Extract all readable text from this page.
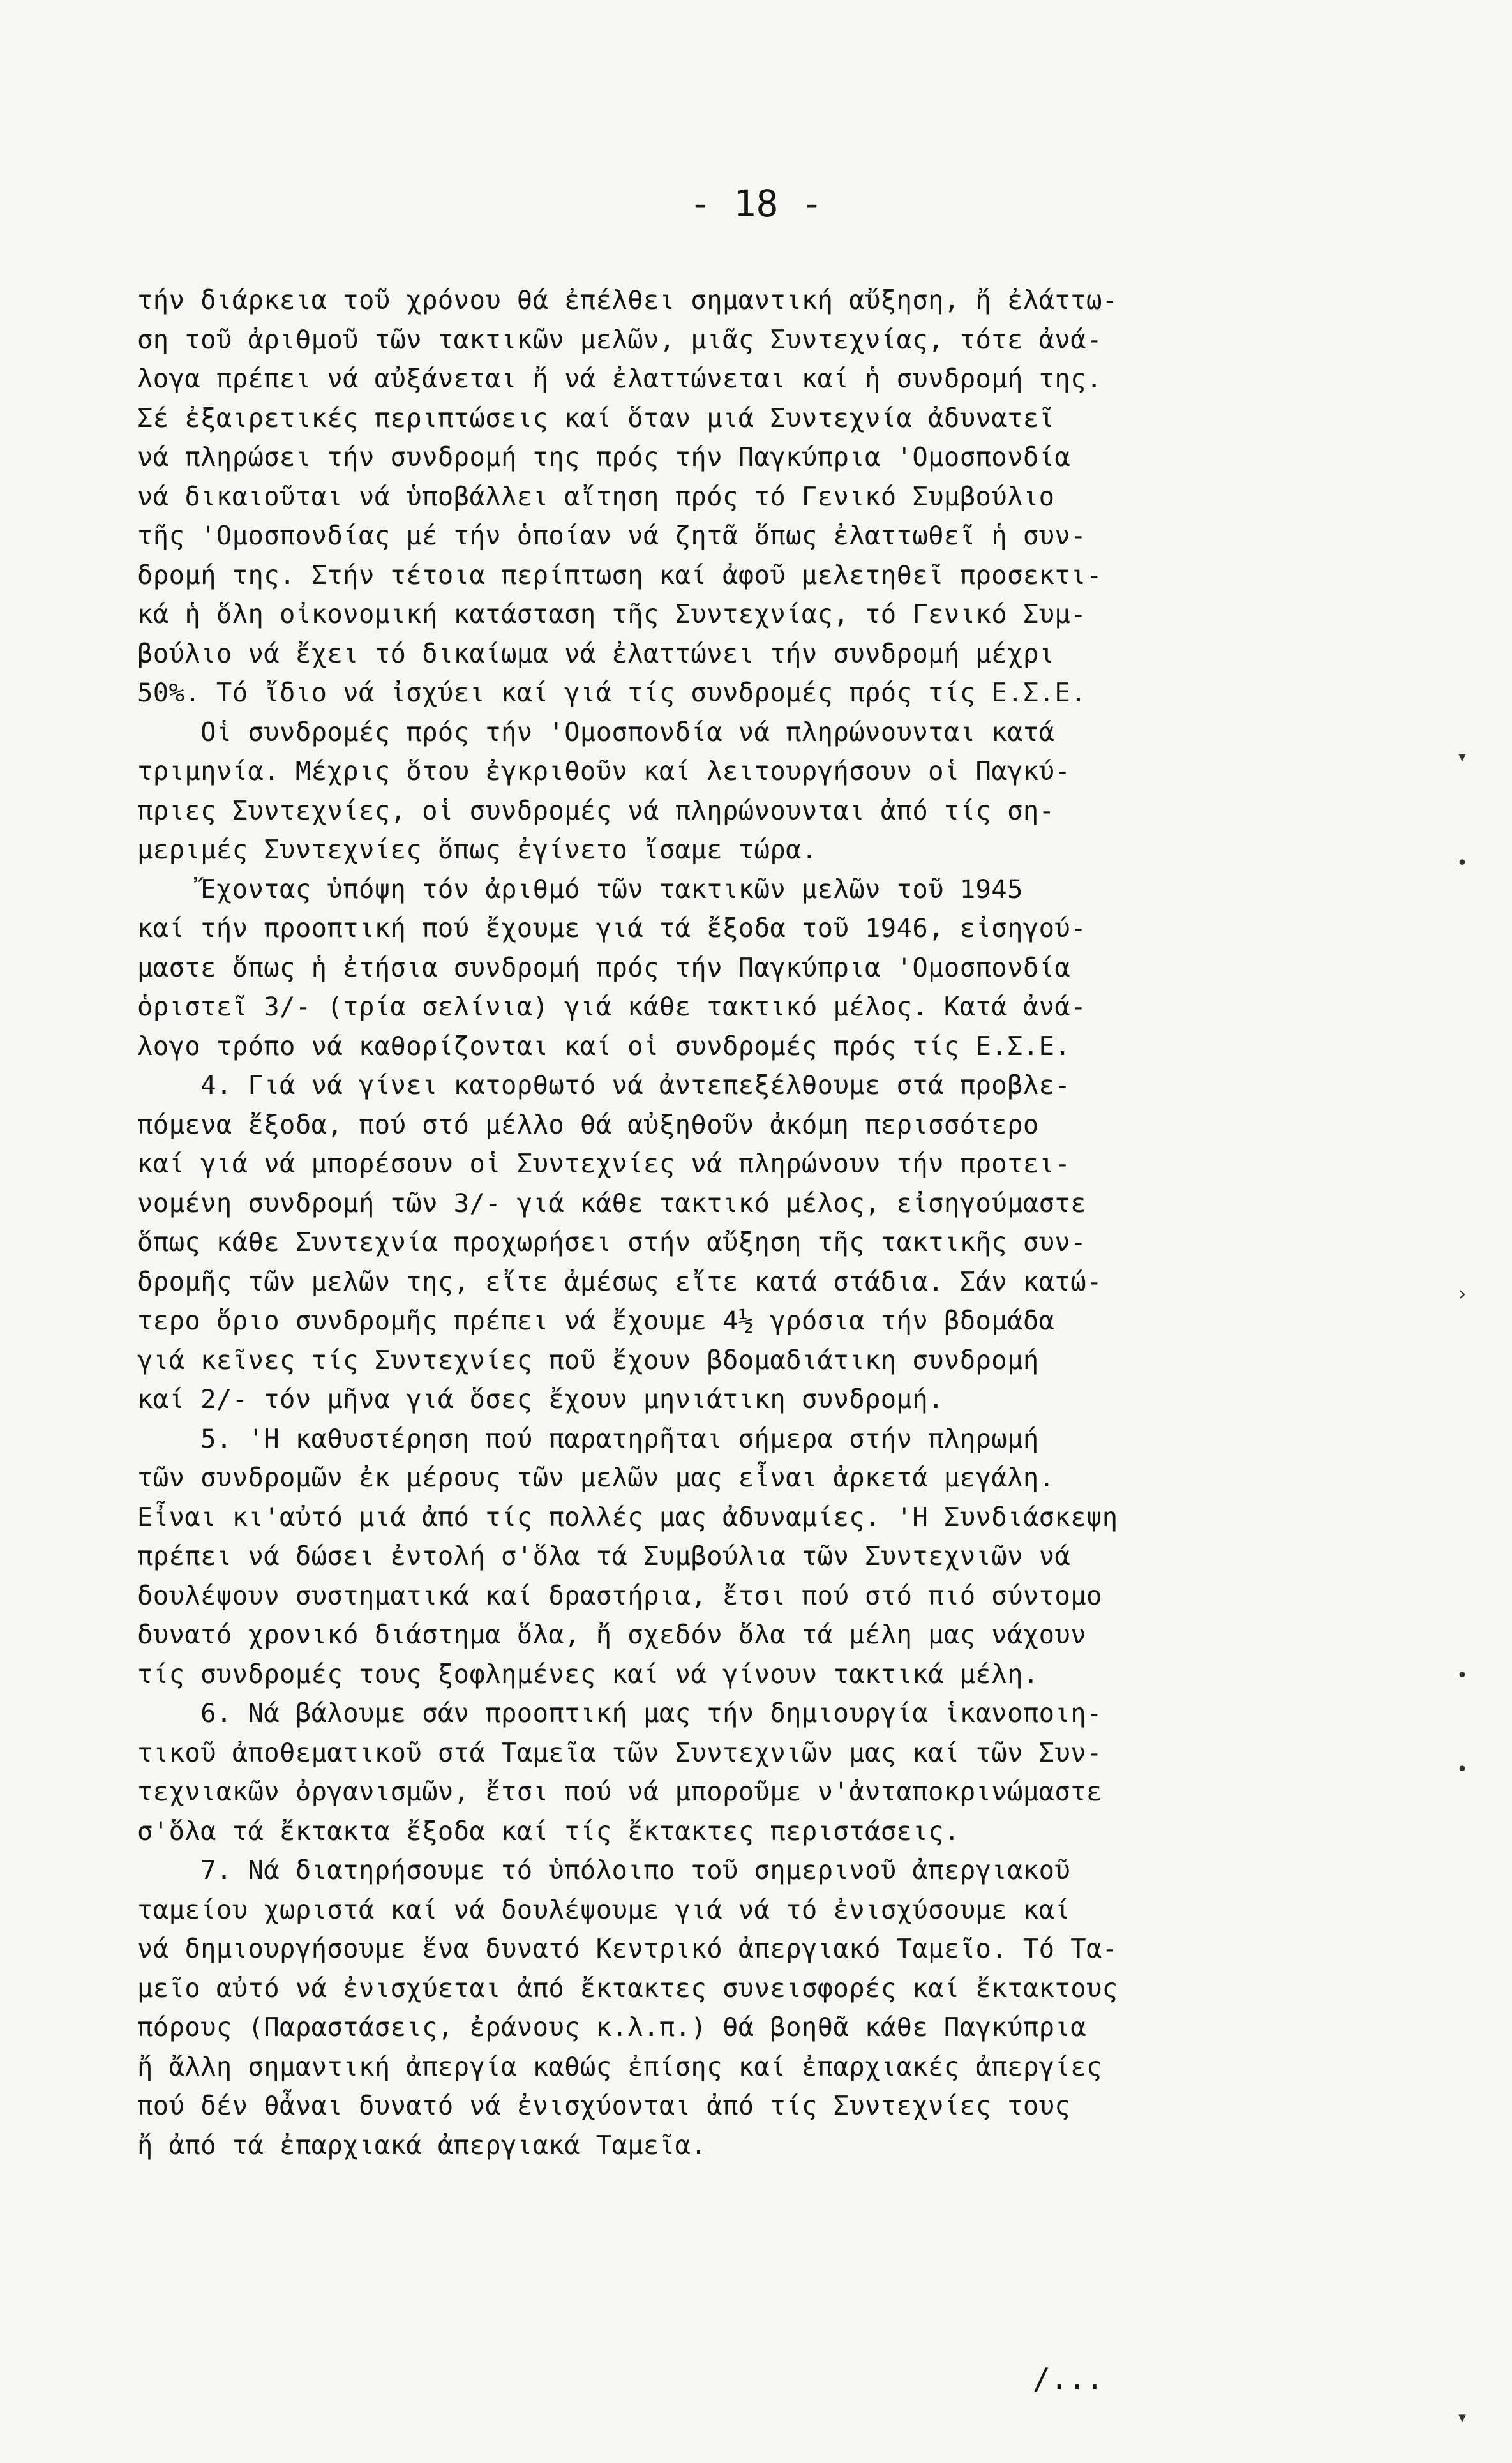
- 18 -

τήν διάρκεια τοῦ χρόνου θά ἐπέλθει σημαντική αὔξηση, ἤ ἐλάττω-
ση τοῦ ἀριθμοῦ τῶν τακτικῶν μελῶν, μιᾶς Συντεχνίας, τότε ἀνά-
λογα πρέπει νά αὐξάνεται ἤ νά ἐλαττώνεται καί ἡ συνδρομή της.
Σέ ἐξαιρετικές περιπτώσεις καί ὅταν μιά Συντεχνία ἀδυνατεῖ
νά πληρώσει τήν συνδρομή της πρός τήν Παγκύπρια 'Ομοσπονδία
νά δικαιοῦται νά ὑποβάλλει αἴτηση πρός τό Γενικό Συμβούλιο
τῆς 'Ομοσπονδίας μέ τήν ὁποίαν νά ζητᾶ ὅπως ἐλαττωθεῖ ἡ συν-
δρομή της. Στήν τέτοια περίπτωση καί ἀφοῦ μελετηθεῖ προσεκτι-
κά ἡ ὅλη οἰκονομική κατάσταση τῆς Συντεχνίας, τό Γενικό Συμ-
βούλιο νά ἔχει τό δικαίωμα νά ἐλαττώνει τήν συνδρομή μέχρι
50%. Τό ἴδιο νά ἰσχύει καί γιά τίς συνδρομές πρός τίς Ε.Σ.Ε.

Οἱ συνδρομές πρός τήν 'Ομοσπονδία νά πληρώνουνται κατά
τριμηνία. Μέχρις ὅτου ἐγκριθοῦν καί λειτουργήσουν οἱ Παγκύ-
πριες Συντεχνίες, οἱ συνδρομές νά πληρώνουνται ἀπό τίς ση-
μεριμές Συντεχνίες ὅπως ἐγίνετο ἴσαμε τώρα.

Ἔχοντας ὑπόψη τόν ἀριθμό τῶν τακτικῶν μελῶν τοῦ 1945
καί τήν προοπτική πού ἔχουμε γιά τά ἔξοδα τοῦ 1946, εἰσηγού-
μαστε ὅπως ἡ ἐτήσια συνδρομή πρός τήν Παγκύπρια 'Ομοσπονδία
ὁριστεῖ 3/- (τρία σελίνια) γιά κάθε τακτικό μέλος. Κατά ἀνά-
λογο τρόπο νά καθορίζονται καί οἱ συνδρομές πρός τίς Ε.Σ.Ε.

4. Γιά νά γίνει κατορθωτό νά ἀντεπεξέλθουμε στά προβλε-
πόμενα ἔξοδα, πού στό μέλλο θά αὐξηθοῦν ἀκόμη περισσότερο
καί γιά νά μπορέσουν οἱ Συντεχνίες νά πληρώνουν τήν προτει-
νομένη συνδρομή τῶν 3/- γιά κάθε τακτικό μέλος, εἰσηγούμαστε
ὅπως κάθε Συντεχνία προχωρήσει στήν αὔξηση τῆς τακτικῆς συν-
δρομῆς τῶν μελῶν της, εἴτε ἀμέσως εἴτε κατά στάδια. Σάν κατώ-
τερο ὅριο συνδρομῆς πρέπει νά ἔχουμε 4½ γρόσια τήν βδομάδα
γιά κεῖνες τίς Συντεχνίες ποῦ ἔχουν βδομαδιάτικη συνδρομή
καί 2/- τόν μῆνα γιά ὅσες ἔχουν μηνιάτικη συνδρομή.

5. 'Η καθυστέρηση πού παρατηρῆται σήμερα στήν πληρωμή
τῶν συνδρομῶν ἐκ μέρους τῶν μελῶν μας εἶναι ἀρκετά μεγάλη.
Εἶναι κι'αὐτό μιά ἀπό τίς πολλές μας ἀδυναμίες. 'Η Συνδιάσκεψη
πρέπει νά δώσει ἐντολή σ'ὅλα τά Συμβούλια τῶν Συντεχνιῶν νά
δουλέψουν συστηματικά καί δραστήρια, ἔτσι πού στό πιό σύντομο
δυνατό χρονικό διάστημα ὅλα, ἤ σχεδόν ὅλα τά μέλη μας νάχουν
τίς συνδρομές τους ξοφλημένες καί νά γίνουν τακτικά μέλη.

6. Νά βάλουμε σάν προοπτική μας τήν δημιουργία ἱκανοποιη-
τικοῦ ἀποθεματικοῦ στά Ταμεῖα τῶν Συντεχνιῶν μας καί τῶν Συν-
τεχνιακῶν ὀργανισμῶν, ἔτσι πού νά μποροῦμε ν'ἀνταποκρινώμαστε
σ'ὅλα τά ἔκτακτα ἔξοδα καί τίς ἔκτακτες περιστάσεις.

7. Νά διατηρήσουμε τό ὑπόλοιπο τοῦ σημερινοῦ ἀπεργιακοῦ
ταμείου χωριστά καί νά δουλέψουμε γιά νά τό ἐνισχύσουμε καί
νά δημιουργήσουμε ἕνα δυνατό Κεντρικό ἀπεργιακό Ταμεῖο. Τό Τα-
μεῖο αὐτό νά ἐνισχύεται ἀπό ἔκτακτες συνεισφορές καί ἔκτακτους
πόρους (Παραστάσεις, ἐράνους κ.λ.π.) θά βοηθᾶ κάθε Παγκύπρια
ἤ ἄλλη σημαντική ἀπεργία καθώς ἐπίσης καί ἐπαρχιακές ἀπεργίες
πού δέν θἆναι δυνατό νά ἐνισχύονται ἀπό τίς Συντεχνίες τους
ἤ ἀπό τά ἐπαρχιακά ἀπεργιακά Ταμεῖα.

/...
▾
•
›
•
•
▾
